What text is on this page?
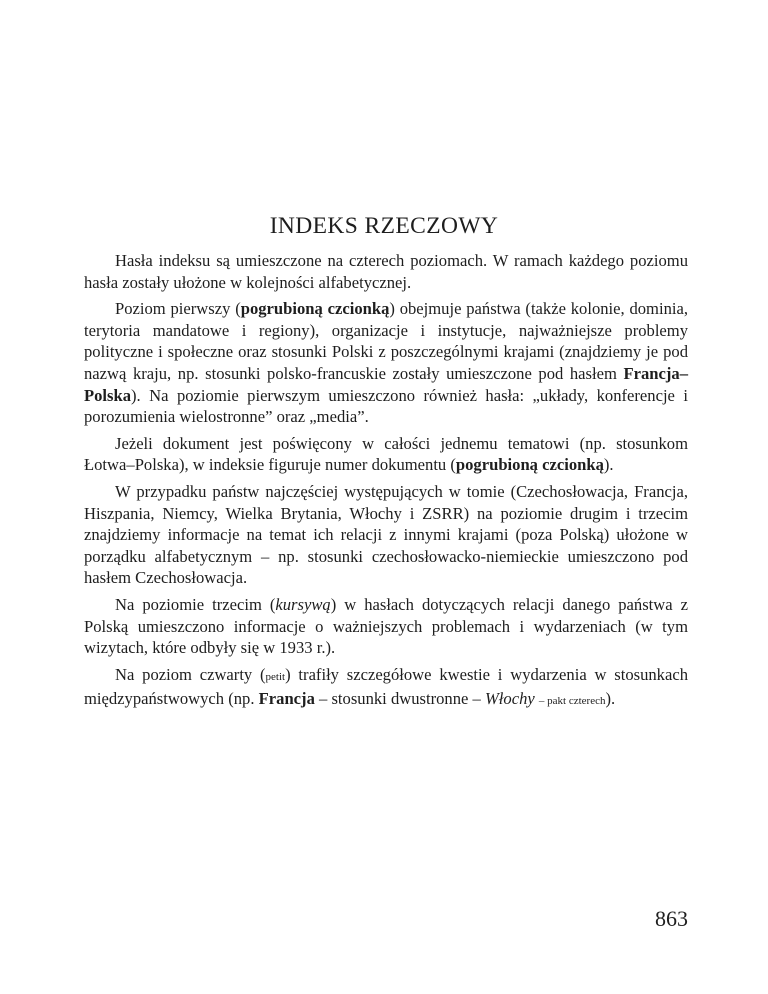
INDEKS RZECZOWY

Hasła indeksu są umieszczone na czterech poziomach. W ramach każdego poziomu hasła zostały ułożone w kolejności alfabetycznej.

Poziom pierwszy (pogrubioną czcionką) obejmuje państwa (także kolonie, dominia, terytoria mandatowe i regiony), organizacje i instytucje, najważniejsze problemy polityczne i społeczne oraz stosunki Polski z poszczególnymi krajami (znajdziemy je pod nazwą kraju, np. stosunki polsko-francuskie zostały umieszczone pod hasłem Francja–Polska). Na poziomie pierwszym umieszczono również hasła: „układy, konferencje i porozumienia wielostronne” oraz „media”.

Jeżeli dokument jest poświęcony w całości jednemu tematowi (np. stosunkom Łotwa–Polska), w indeksie figuruje numer dokumentu (pogrubioną czcionką).

W przypadku państw najczęściej występujących w tomie (Czechosłowacja, Francja, Hiszpania, Niemcy, Wielka Brytania, Włochy i ZSRR) na poziomie drugim i trzecim znajdziemy informacje na temat ich relacji z innymi krajami (poza Polską) ułożone w porządku alfabetycznym – np. stosunki czechosłowacko-niemieckie umieszczono pod hasłem Czechosłowacja.

Na poziomie trzecim (kursywą) w hasłach dotyczących relacji danego państwa z Polską umieszczono informacje o ważniejszych problemach i wydarzeniach (w tym wizytach, które odbyły się w 1933 r.).

Na poziom czwarty (petit) trafiły szczegółowe kwestie i wydarzenia w stosunkach międzypaństwowych (np. Francja – stosunki dwustronne – Włochy – pakt czterech).

863
